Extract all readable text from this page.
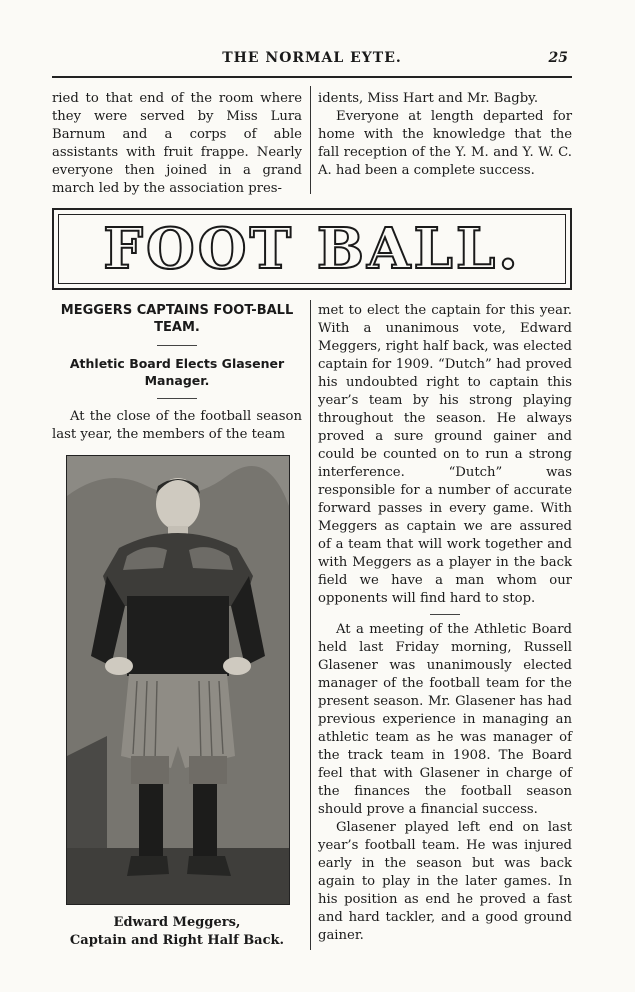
THE NORMAL EYTE.	25

ried to that end of the room where they were served by Miss Lura Barnum and a corps of able assistants with fruit frappe. Nearly everyone then joined in a grand march led by the association pres-

idents, Miss Hart and Mr. Bagby.

Everyone at length departed for home with the knowledge that the fall reception of the Y. M. and Y. W. C. A. had been a complete success.

FOOT BALL.
MEGGERS CAPTAINS FOOT-BALL TEAM.
Athletic Board Elects Glasener Manager.

At the close of the football season last year, the members of the team

Edward Meggers,
Captain and Right Half Back.

met to elect the captain for this year. With a unanimous vote, Edward Meggers, right half back, was elected captain for 1909. “Dutch” had proved his undoubted right to captain this year’s team by his strong playing throughout the season. He always proved a sure ground gainer and could be counted on to run a strong interference. “Dutch” was responsible for a number of accurate forward passes in every game. With Meggers as captain we are assured of a team that will work together and with Meggers as a player in the back field we have a man whom our opponents will find hard to stop.

At a meeting of the Athletic Board held last Friday morning, Russell Glasener was unanimously elected manager of the football team for the present season. Mr. Glasener has had previous experience in managing an athletic team as he was manager of the track team in 1908. The Board feel that with Glasener in charge of the finances the football season should prove a financial success.

Glasener played left end on last year’s football team. He was injured early in the season but was back again to play in the later games. In his position as end he proved a fast and hard tackler, and a good ground gainer.
